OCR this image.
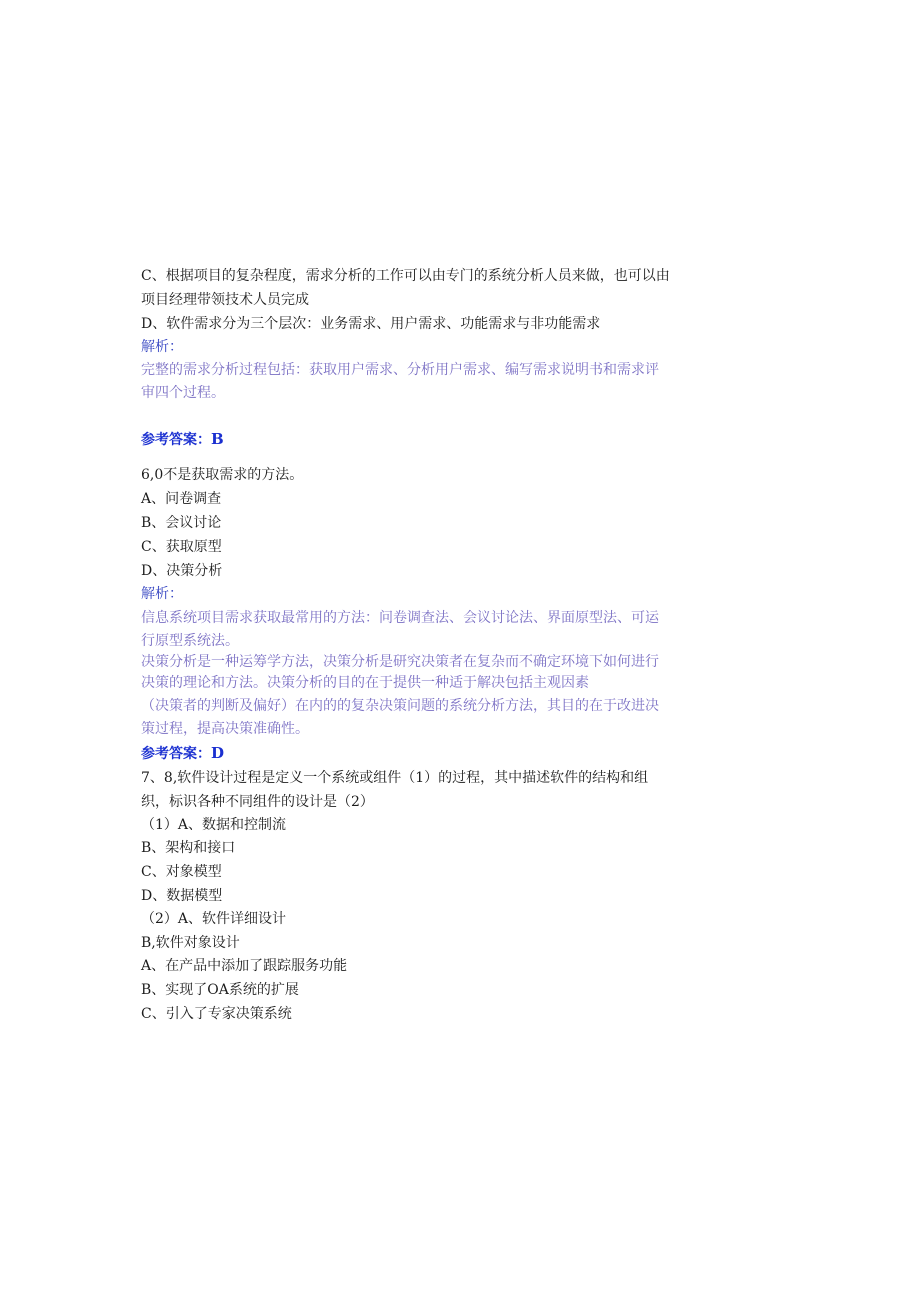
C、根据项目的复杂程度，需求分析的工作可以由专门的系统分析人员来做，也可以由
项目经理带领技术人员完成
D、软件需求分为三个层次：业务需求、用户需求、功能需求与非功能需求
解析：
完整的需求分析过程包括：获取用户需求、分析用户需求、编写需求说明书和需求评
审四个过程。
参考答案：B
6,0不是获取需求的方法。
A、问卷调查
B、会议讨论
C、获取原型
D、决策分析
解析：
信息系统项目需求获取最常用的方法：问卷调查法、会议讨论法、界面原型法、可运
行原型系统法。
决策分析是一种运筹学方法，决策分析是研究决策者在复杂而不确定环境下如何进行
决策的理论和方法。决策分析的目的在于提供一种适于解决包括主观因素
（决策者的判断及偏好）在内的的复杂决策问题的系统分析方法，其目的在于改进决
策过程，提高决策准确性。
参考答案：D
7、8,软件设计过程是定义一个系统或组件（1）的过程，其中描述软件的结构和组
织，标识各种不同组件的设计是（2）
（1）A、数据和控制流
B、架构和接口
C、对象模型
D、数据模型
（2）A、软件详细设计
B,软件对象设计
A、在产品中添加了跟踪服务功能
B、实现了OA系统的扩展
C、引入了专家决策系统
